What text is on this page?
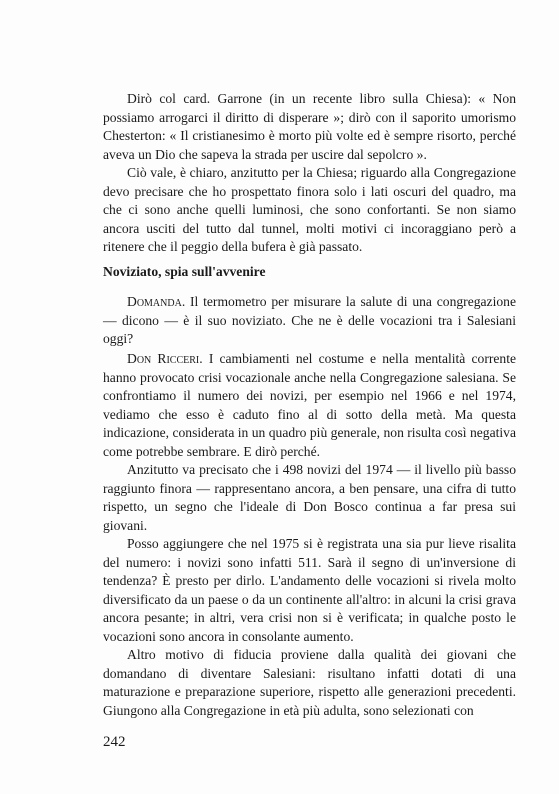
Dirò col card. Garrone (in un recente libro sulla Chiesa): « Non possiamo arrogarci il diritto di disperare »; dirò con il saporito umorismo Chesterton: « Il cristianesimo è morto più volte ed è sempre risorto, perché aveva un Dio che sapeva la strada per uscire dal sepolcro ».

Ciò vale, è chiaro, anzitutto per la Chiesa; riguardo alla Congregazione devo precisare che ho prospettato finora solo i lati oscuri del quadro, ma che ci sono anche quelli luminosi, che sono confortanti. Se non siamo ancora usciti del tutto dal tunnel, molti motivi ci incoraggiano però a ritenere che il peggio della bufera è già passato.

Noviziato, spia sull'avvenire

Domanda. Il termometro per misurare la salute di una congregazione — dicono — è il suo noviziato. Che ne è delle vocazioni tra i Salesiani oggi?

Don Ricceri. I cambiamenti nel costume e nella mentalità corrente hanno provocato crisi vocazionale anche nella Congregazione salesiana. Se confrontiamo il numero dei novizi, per esempio nel 1966 e nel 1974, vediamo che esso è caduto fino al di sotto della metà. Ma questa indicazione, considerata in un quadro più generale, non risulta così negativa come potrebbe sembrare. E dirò perché.

Anzitutto va precisato che i 498 novizi del 1974 — il livello più basso raggiunto finora — rappresentano ancora, a ben pensare, una cifra di tutto rispetto, un segno che l'ideale di Don Bosco continua a far presa sui giovani.

Posso aggiungere che nel 1975 si è registrata una sia pur lieve risalita del numero: i novizi sono infatti 511. Sarà il segno di un'inversione di tendenza? È presto per dirlo. L'andamento delle vocazioni si rivela molto diversificato da un paese o da un continente all'altro: in alcuni la crisi grava ancora pesante; in altri, vera crisi non si è verificata; in qualche posto le vocazioni sono ancora in consolante aumento.

Altro motivo di fiducia proviene dalla qualità dei giovani che domandano di diventare Salesiani: risultano infatti dotati di una maturazione e preparazione superiore, rispetto alle generazioni precedenti. Giungono alla Congregazione in età più adulta, sono selezionati con

242
